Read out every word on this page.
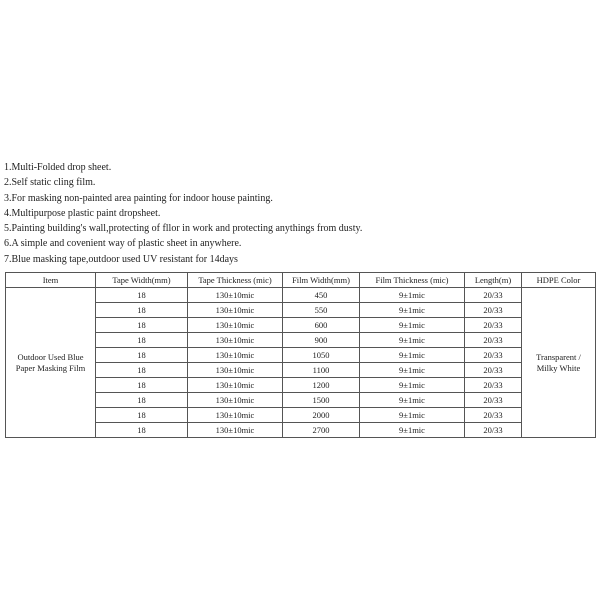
1.Multi-Folded drop sheet.
2.Self static cling film.
3.For masking non-painted area painting for indoor house painting.
4.Multipurpose plastic paint dropsheet.
5.Painting building's wall,protecting of fllor in work and protecting anythings from dusty.
6.A simple and covenient way of plastic sheet in anywhere.
7.Blue masking tape,outdoor used UV resistant for 14days
Item	Tape Width(mm)	Tape Thickness (mic)	Film Width(mm)	Film Thickness (mic)	Length(m)	HDPE Color
Outdoor Used Blue Paper Masking Film	18	130±10mic	450	9±1mic	20/33	Transparent / Milky White
	18	130±10mic	550	9±1mic	20/33	
	18	130±10mic	600	9±1mic	20/33	
	18	130±10mic	900	9±1mic	20/33	
	18	130±10mic	1050	9±1mic	20/33	
	18	130±10mic	1100	9±1mic	20/33	
	18	130±10mic	1200	9±1mic	20/33	
	18	130±10mic	1500	9±1mic	20/33	
	18	130±10mic	2000	9±1mic	20/33	
	18	130±10mic	2700	9±1mic	20/33	
